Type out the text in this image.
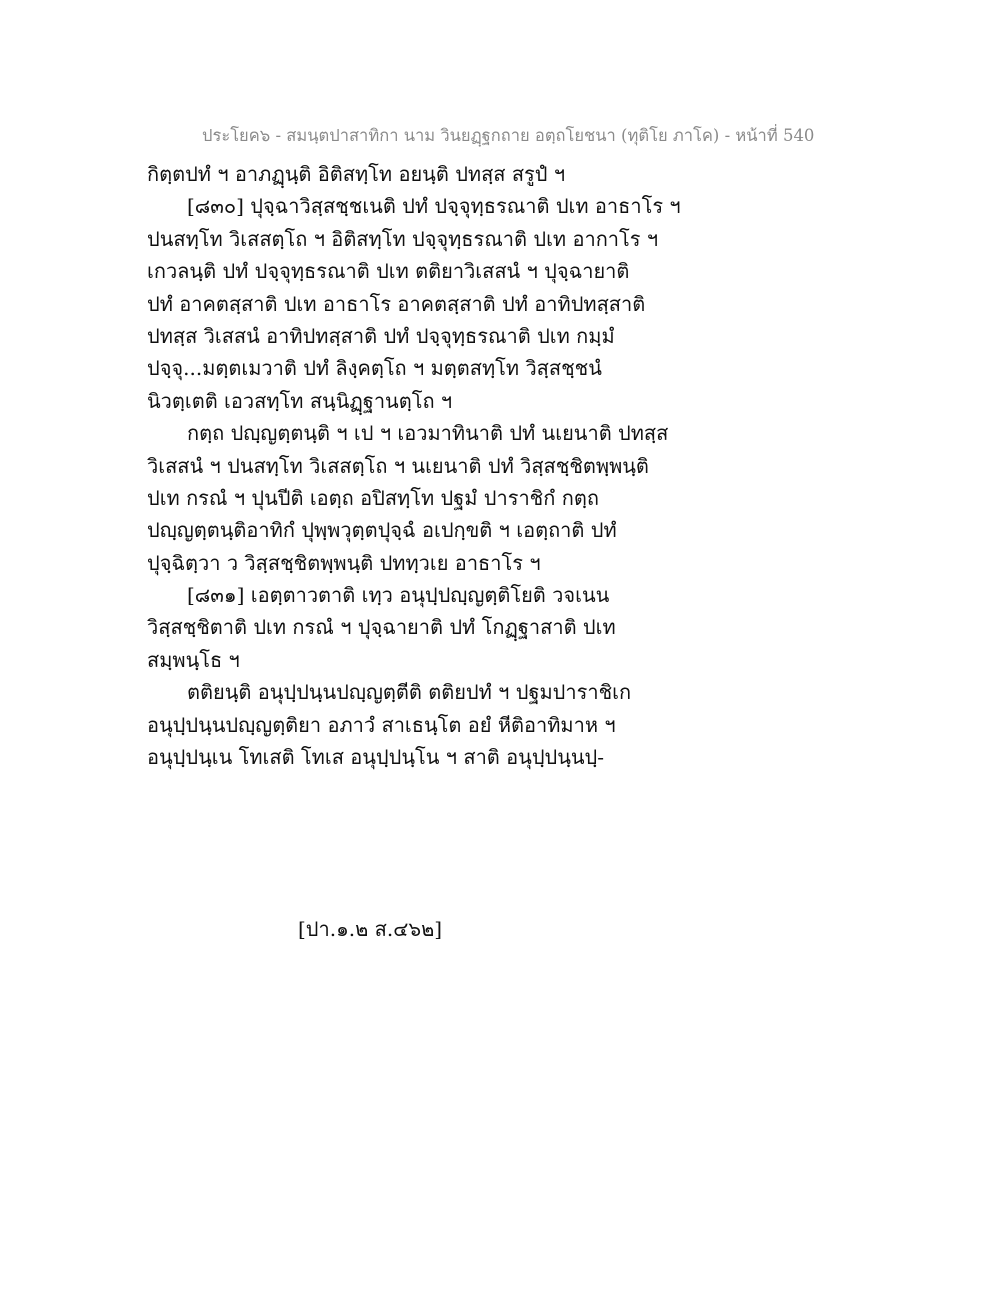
ประโยค๖ - สมนฺตปาสาทิกา นาม วินยฏฺฐกถาย อตฺถโยชนา (ทุติโย ภาโค) - หน้าที่ 540
กิตฺตปทํ ฯ อาภฏฺนฺติ อิติสทฺโท อยนฺติ ปทสฺส สรูปํ ฯ
[๘๓๐] ปุจฺฉาวิสฺสชฺชเนติ ปทํ ปจฺจุทฺธรณาติ ปเท อาธาโร ฯ
ปนสทฺโท วิเสสตฺโถ ฯ อิติสทฺโท ปจฺจุทฺธรณาติ ปเท อากาโร ฯ
เกวลนฺติ ปทํ ปจฺจุทฺธรณาติ ปเท ตติยาวิเสสนํ ฯ ปุจฺฉายาติ
ปทํ อาคตสฺสาติ ปเท อาธาโร อาคตสฺสาติ ปทํ อาทิปทสฺสาติ
ปทสฺส วิเสสนํ อาทิปทสฺสาติ ปทํ ปจฺจุทฺธรณาติ ปเท กมฺมํ
ปจฺจุ...มตฺตเมวาติ ปทํ ลิงฺคตฺโถ ฯ มตฺตสทฺโท วิสฺสชฺชนํ
นิวตฺเตติ เอวสทฺโท สนฺนิฏฺฐานตฺโถ ฯ
กตฺถ ปญฺญตฺตนฺติ ฯ เป ฯ เอวมาทินาติ ปทํ นเยนาติ ปทสฺส
วิเสสนํ ฯ ปนสทฺโท วิเสสตฺโถ ฯ นเยนาติ ปทํ วิสฺสชฺชิตพฺพนฺติ
ปเท กรณํ ฯ ปุนปีติ เอตฺถ อปิสทฺโท ปฐมํ ปาราชิกํ กตฺถ
ปญฺญตฺตนฺติอาทิกํ ปุพฺพวุตฺตปุจฺฉํ อเปกฺขติ ฯ เอตฺถาติ ปทํ
ปุจฺฉิตฺวา ว วิสฺสชฺชิตพฺพนฺติ ปททฺวเย อาธาโร ฯ
[๘๓๑] เอตฺตาวตาติ เทฺว อนุปฺปญฺญตฺติโยติ วจเนน
วิสฺสชฺชิตาติ ปเท กรณํ ฯ ปุจฺฉายาติ ปทํ โกฏฺฐาสาติ ปเท
สมฺพนฺโธ ฯ
ตติยนฺติ อนุปฺปนฺนปญฺญตฺตีติ ตติยปทํ ฯ ปฐมปาราชิเก
อนุปฺปนฺนปญฺญตฺติยา อภาวํ สาเธนฺโต อยํ หีติอาทิมาห ฯ
อนุปฺปนฺเน โทเสติ โทเส อนุปฺปนฺโน ฯ สาติ อนุปฺปนฺนปฺ-
[ปา.๑.๒ ส.๔๖๒]
